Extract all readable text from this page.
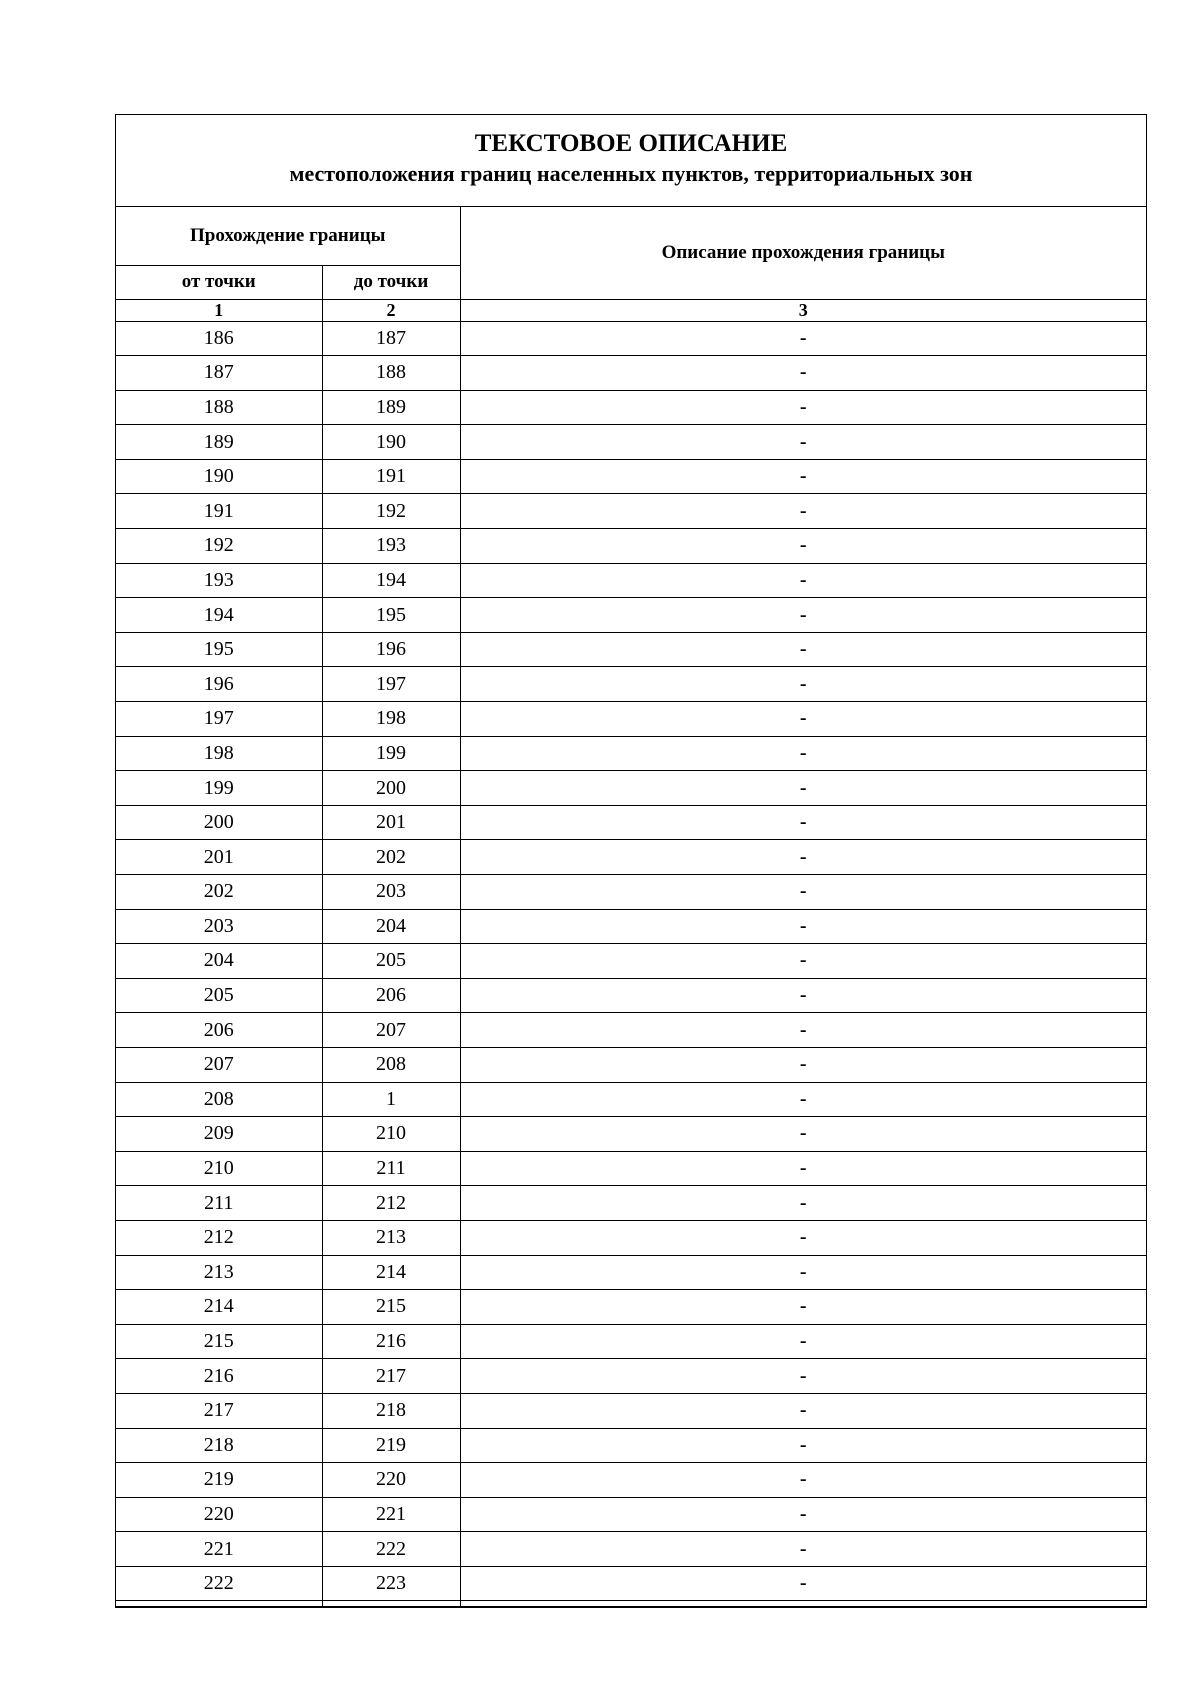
ТЕКСТОВОЕ ОПИСАНИЕ
местоположения границ населенных пунктов, территориальных зон
Прохождение границы		Описание прохождения границы
от точки	до точки	
1	2	3
186	187	-
187	188	-
188	189	-
189	190	-
190	191	-
191	192	-
192	193	-
193	194	-
194	195	-
195	196	-
196	197	-
197	198	-
198	199	-
199	200	-
200	201	-
201	202	-
202	203	-
203	204	-
204	205	-
205	206	-
206	207	-
207	208	-
208	1	-
209	210	-
210	211	-
211	212	-
212	213	-
213	214	-
214	215	-
215	216	-
216	217	-
217	218	-
218	219	-
219	220	-
220	221	-
221	222	-
222	223	-
